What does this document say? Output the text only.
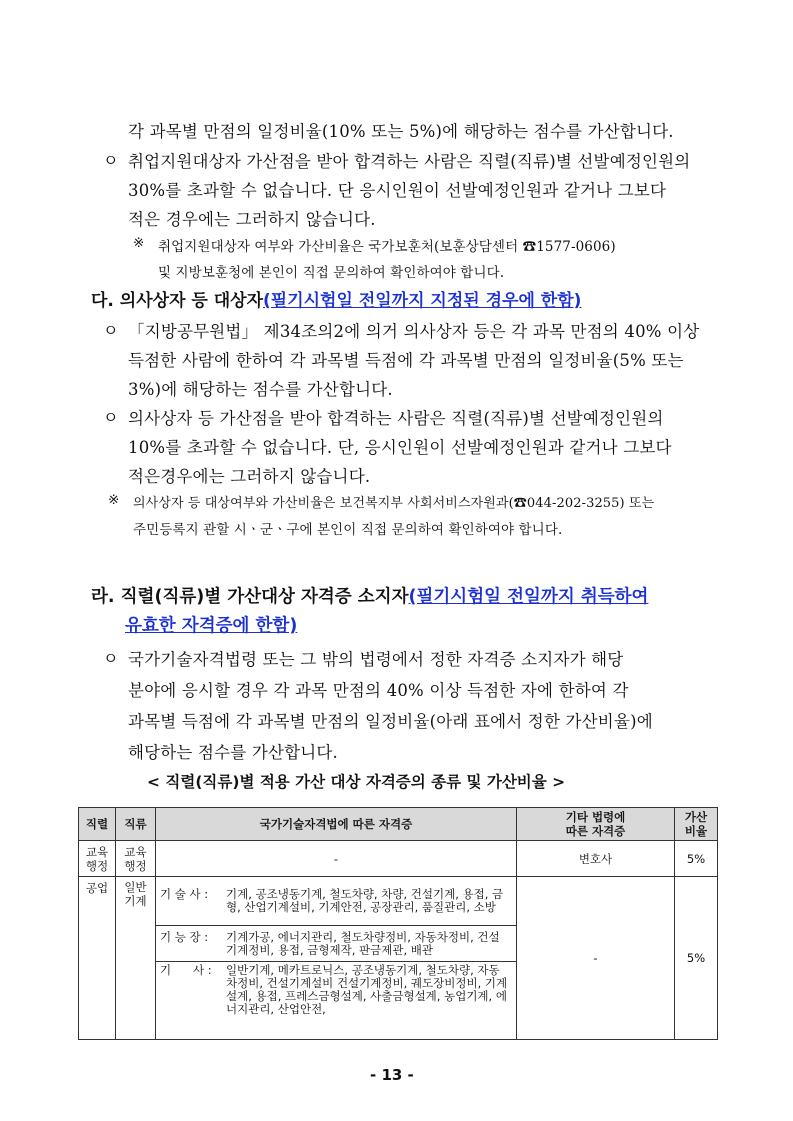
각 과목별 만점의 일정비율(10% 또는 5%)에 해당하는 점수를 가산합니다.
ㅇ 취업지원대상자 가산점을 받아 합격하는 사람은 직렬(직류)별 선발예정인원의
30%를 초과할 수 없습니다. 단 응시인원이 선발예정인원과 같거나 그보다
적은 경우에는 그러하지 않습니다.
※ 취업지원대상자 여부와 가산비율은 국가보훈처(보훈상담센터 ☎1577-0606)
및 지방보훈청에 본인이 직접 문의하여 확인하여야 합니다.
다. 의사상자 등 대상자(필기시험일 전일까지 지정된 경우에 한함)
ㅇ 「지방공무원법」 제34조의2에 의거 의사상자 등은 각 과목 만점의 40% 이상
득점한 사람에 한하여 각 과목별 득점에 각 과목별 만점의 일정비율(5% 또는
3%)에 해당하는 점수를 가산합니다.
ㅇ 의사상자 등 가산점을 받아 합격하는 사람은 직렬(직류)별 선발예정인원의
10%를 초과할 수 없습니다. 단, 응시인원이 선발예정인원과 같거나 그보다
적은경우에는 그러하지 않습니다.
※ 의사상자 등 대상여부와 가산비율은 보건복지부 사회서비스자원과(☎044-202-3255) 또는
주민등록지 관할 시ㆍ군ㆍ구에 본인이 직접 문의하여 확인하여야 합니다.
라. 직렬(직류)별 가산대상 자격증 소지자(필기시험일 전일까지 취득하여
유효한 자격증에 한함)
ㅇ 국가기술자격법령 또는 그 밖의 법령에서 정한 자격증 소지자가 해당
분야에 응시할 경우 각 과목 만점의 40% 이상 득점한 자에 한하여 각
과목별 득점에 각 과목별 만점의 일정비율(아래 표에서 정한 가산비율)에
해당하는 점수를 가산합니다.
< 직렬(직류)별 적용 가산 대상 자격증의 종류 및 가산비율 >
직렬	직류	국가기술자격법에 따른 자격증	기타 법령에
따른 자격증	가산
비율
교육
행정	교육
행정	-	변호사	5%
공업	일반
기계	기 술 사 : 기계, 공조냉동기계, 철도차량, 차량, 건설기계, 용접, 금형, 산업기계설비, 기계안전, 공장관리, 품질관리, 소방	-	5%
		기 능 장 : 기계가공, 에너지관리, 철도차량정비, 자동차정비, 건설기계정비, 용접, 금형제작, 판금제관, 배관		
		기      사 : 일반기계, 메카트로닉스, 공조냉동기계, 철도차량, 자동차정비, 건설기계설비 건설기계정비, 궤도장비정비, 기계설계, 용접, 프레스금형설계, 사출금형설계, 농업기계, 에너지관리, 산업안전,		
- 13 -
